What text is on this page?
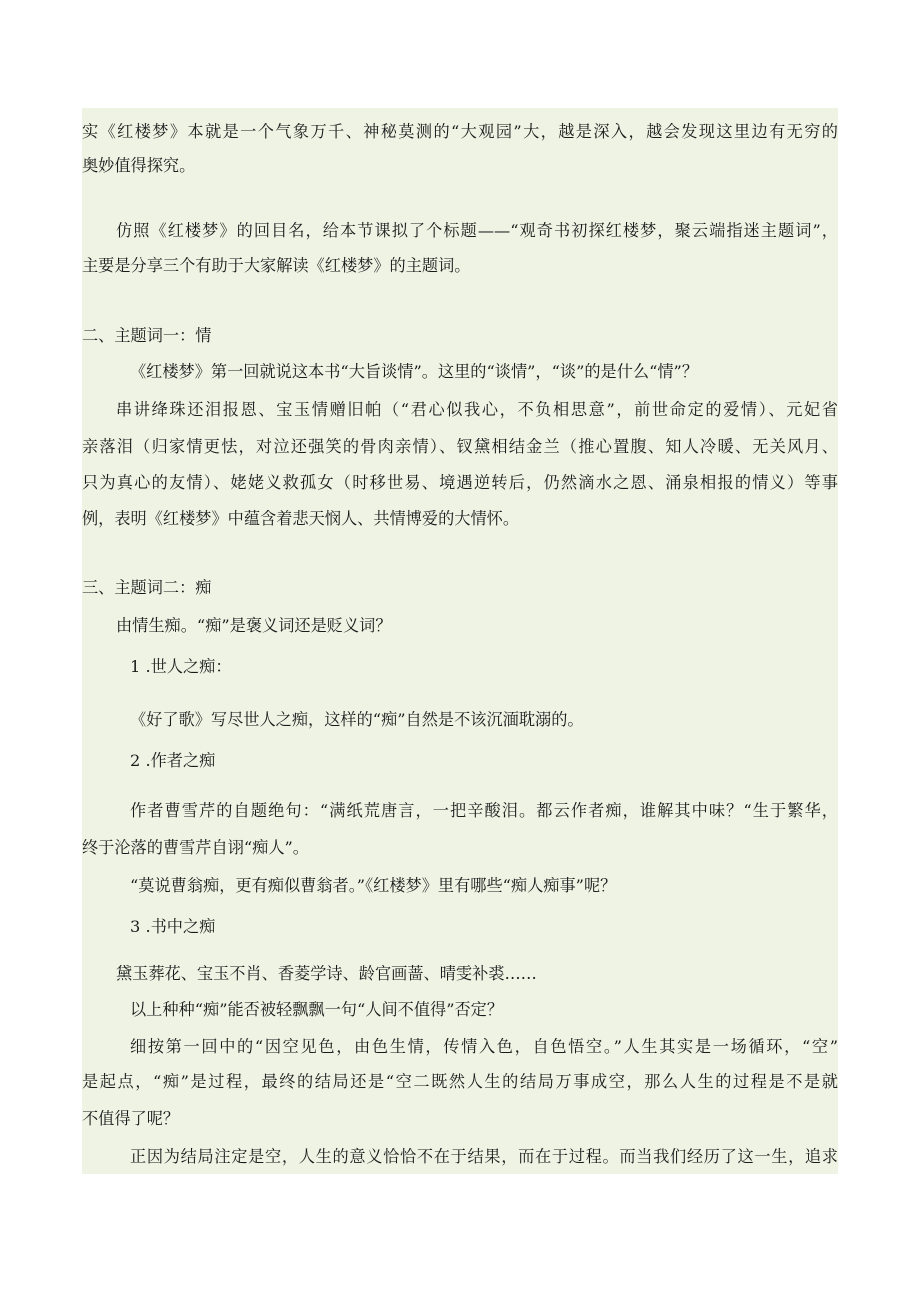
实《红楼梦》本就是一个气象万千、神秘莫测的“大观园”大，越是深入，越会发现这里边有无穷的
奥妙值得探究。
仿照《红楼梦》的回目名，给本节课拟了个标题——“观奇书初探红楼梦，聚云端指迷主题词”，
主要是分享三个有助于大家解读《红楼梦》的主题词。
二、主题词一：情
《红楼梦》第一回就说这本书“大旨谈情”。这里的“谈情”，“谈”的是什么“情”？
串讲绛珠还泪报恩、宝玉情赠旧帕（“君心似我心，不负相思意”，前世命定的爱情）、元妃省
亲落泪（归家情更怯，对泣还强笑的骨肉亲情）、钗黛相结金兰（推心置腹、知人冷暖、无关风月、
只为真心的友情）、姥姥义救孤女（时移世易、境遇逆转后，仍然滴水之恩、涌泉相报的情义）等事
例，表明《红楼梦》中蕴含着悲天悯人、共情博爱的大情怀。
三、主题词二：痴
由情生痴。“痴”是褒义词还是贬义词？
1 .世人之痴：
《好了歌》写尽世人之痴，这样的“痴”自然是不该沉湎耽溺的。
2 .作者之痴
作者曹雪芹的自题绝句：“满纸荒唐言，一把辛酸泪。都云作者痴，谁解其中味？“生于繁华，
终于沦落的曹雪芹自诩“痴人”。
“莫说曹翁痴，更有痴似曹翁者。”《红楼梦》里有哪些“痴人痴事”呢？
3 .书中之痴
黛玉葬花、宝玉不肖、香菱学诗、龄官画蔷、晴雯补裘……
以上种种“痴”能否被轻飘飘一句“人间不值得”否定？
细按第一回中的“因空见色，由色生情，传情入色，自色悟空。”人生其实是一场循环，“空”
是起点，“痴”是过程，最终的结局还是“空二既然人生的结局万事成空，那么人生的过程是不是就
不值得了呢？
正因为结局注定是空，人生的意义恰恰不在于结果，而在于过程。而当我们经历了这一生，追求
